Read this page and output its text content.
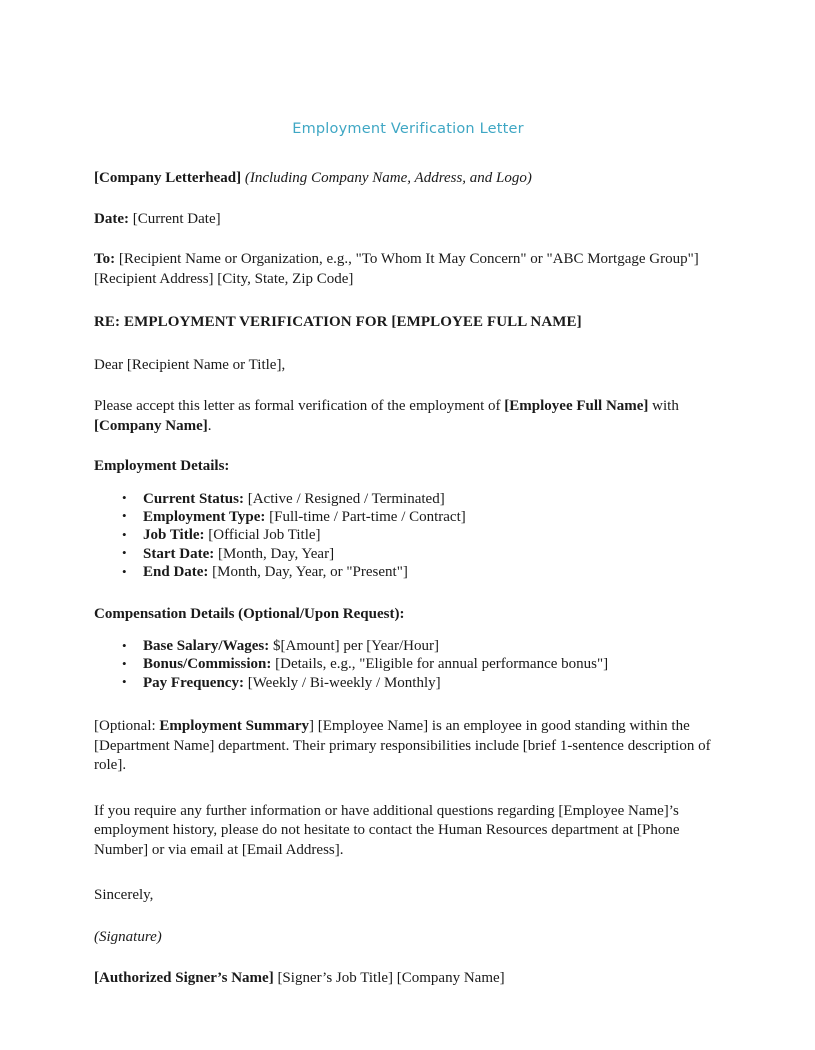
Employment Verification Letter

[Company Letterhead] (Including Company Name, Address, and Logo)

Date: [Current Date]

To: [Recipient Name or Organization, e.g., "To Whom It May Concern" or "ABC Mortgage Group"] [Recipient Address] [City, State, Zip Code]

RE: EMPLOYMENT VERIFICATION FOR [EMPLOYEE FULL NAME]

Dear [Recipient Name or Title],

Please accept this letter as formal verification of the employment of [Employee Full Name] with [Company Name].

Employment Details:

• Current Status: [Active / Resigned / Terminated]
• Employment Type: [Full-time / Part-time / Contract]
• Job Title: [Official Job Title]
• Start Date: [Month, Day, Year]
• End Date: [Month, Day, Year, or "Present"]

Compensation Details (Optional/Upon Request):

• Base Salary/Wages: $[Amount] per [Year/Hour]
• Bonus/Commission: [Details, e.g., "Eligible for annual performance bonus"]
• Pay Frequency: [Weekly / Bi-weekly / Monthly]

[Optional: Employment Summary] [Employee Name] is an employee in good standing within the [Department Name] department. Their primary responsibilities include [brief 1-sentence description of role].

If you require any further information or have additional questions regarding [Employee Name]’s employment history, please do not hesitate to contact the Human Resources department at [Phone Number] or via email at [Email Address].

Sincerely,

(Signature)

[Authorized Signer’s Name] [Signer’s Job Title] [Company Name]
